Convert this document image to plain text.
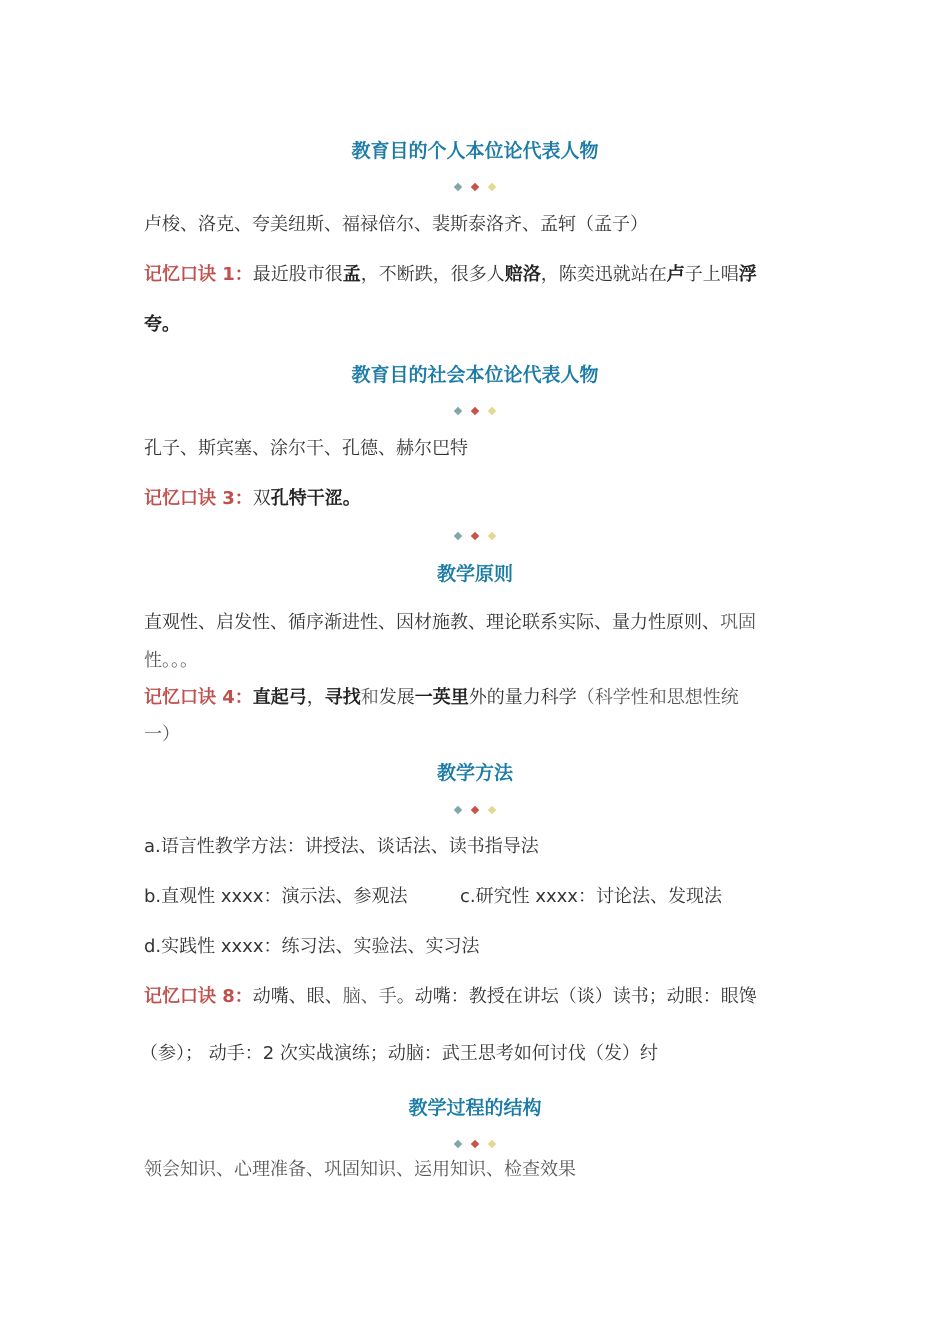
教育目的个人本位论代表人物
卢梭、洛克、夸美纽斯、福禄倍尔、裴斯泰洛齐、孟轲（孟子）
记忆口诀 1：最近股市很孟，不断跌，很多人赔洛，陈奕迅就站在卢子上唱浮
夸。
教育目的社会本位论代表人物
孔子、斯宾塞、涂尔干、孔德、赫尔巴特
记忆口诀 3：双孔特干涩。
教学原则
直观性、启发性、循序渐进性、因材施教、理论联系实际、量力性原则、巩固
性。。。
记忆口诀 4：直起弓，寻找和发展一英里外的量力科学（科学性和思想性统
一）
教学方法
a.语言性教学方法：讲授法、谈话法、读书指导法
b.直观性 xxxx：演示法、参观法	c.研究性 xxxx：讨论法、发现法
d.实践性 xxxx：练习法、实验法、实习法
记忆口诀 8：动嘴、眼、脑、手。动嘴：教授在讲坛（谈）读书；动眼：眼馋
（参）； 动手：2 次实战演练；动脑：武王思考如何讨伐（发）纣
教学过程的结构
领会知识、心理准备、巩固知识、运用知识、检查效果
